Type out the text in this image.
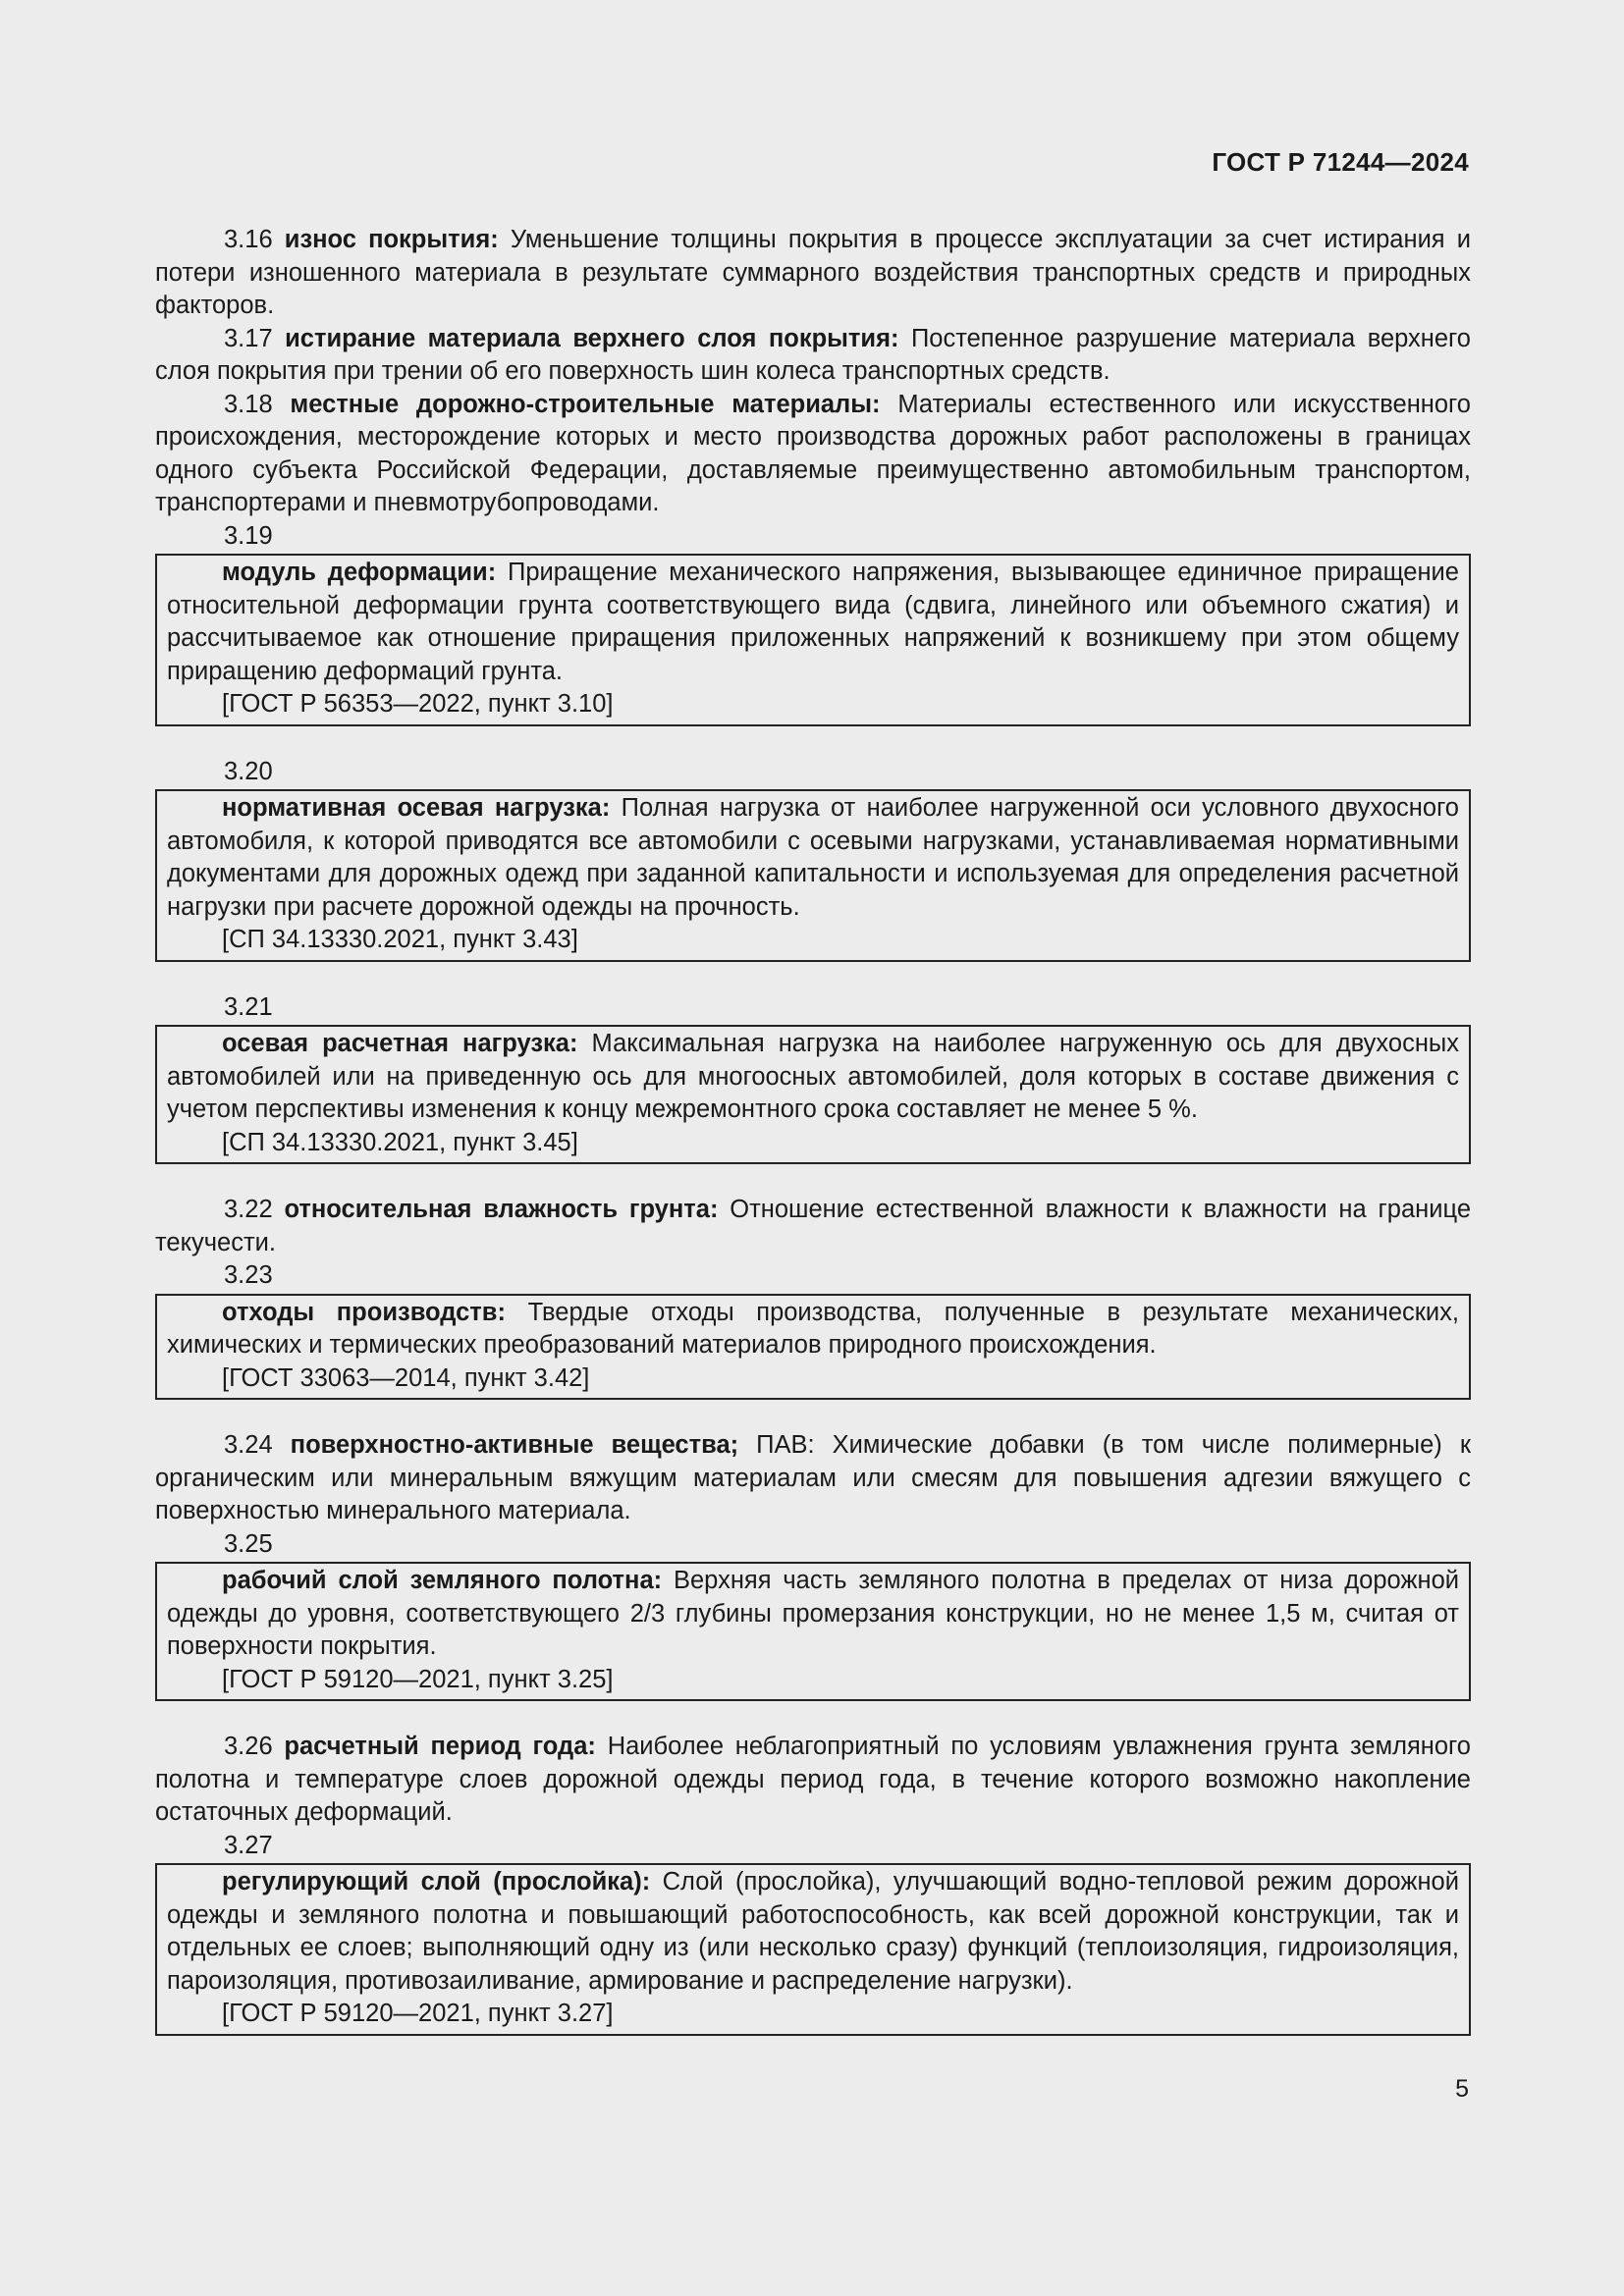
ГОСТ Р 71244—2024

3.16 износ покрытия: Уменьшение толщины покрытия в процессе эксплуатации за счет истирания и потери изношенного материала в результате суммарного воздействия транспортных средств и природных факторов.

3.17 истирание материала верхнего слоя покрытия: Постепенное разрушение материала верхнего слоя покрытия при трении об его поверхность шин колеса транспортных средств.

3.18 местные дорожно-строительные материалы: Материалы естественного или искусственного происхождения, месторождение которых и место производства дорожных работ расположены в границах одного субъекта Российской Федерации, доставляемые преимущественно автомобильным транспортом, транспортерами и пневмотрубопроводами.

3.19

модуль деформации: Приращение механического напряжения, вызывающее единичное приращение относительной деформации грунта соответствующего вида (сдвига, линейного или объемного сжатия) и рассчитываемое как отношение приращения приложенных напряжений к возникшему при этом общему приращению деформаций грунта.

[ГОСТ Р 56353—2022, пункт 3.10]
3.20

нормативная осевая нагрузка: Полная нагрузка от наиболее нагруженной оси условного двухосного автомобиля, к которой приводятся все автомобили с осевыми нагрузками, устанавливаемая нормативными документами для дорожных одежд при заданной капитальности и используемая для определения расчетной нагрузки при расчете дорожной одежды на прочность.

[СП 34.13330.2021, пункт 3.43]
3.21

осевая расчетная нагрузка: Максимальная нагрузка на наиболее нагруженную ось для двухосных автомобилей или на приведенную ось для многоосных автомобилей, доля которых в составе движения с учетом перспективы изменения к концу межремонтного срока составляет не менее 5 %.

[СП 34.13330.2021, пункт 3.45]

3.22 относительная влажность грунта: Отношение естественной влажности к влажности на границе текучести.

3.23

отходы производств: Твердые отходы производства, полученные в результате механических, химических и термических преобразований материалов природного происхождения.

[ГОСТ 33063—2014, пункт 3.42]

3.24 поверхностно-активные вещества; ПАВ: Химические добавки (в том числе полимерные) к органическим или минеральным вяжущим материалам или смесям для повышения адгезии вяжущего с поверхностью минерального материала.

3.25

рабочий слой земляного полотна: Верхняя часть земляного полотна в пределах от низа дорожной одежды до уровня, соответствующего 2/3 глубины промерзания конструкции, но не менее 1,5 м, считая от поверхности покрытия.

[ГОСТ Р 59120—2021, пункт 3.25]

3.26 расчетный период года: Наиболее неблагоприятный по условиям увлажнения грунта земляного полотна и температуре слоев дорожной одежды период года, в течение которого возможно накопление остаточных деформаций.

3.27

регулирующий слой (прослойка): Слой (прослойка), улучшающий водно-тепловой режим дорожной одежды и земляного полотна и повышающий работоспособность, как всей дорожной конструкции, так и отдельных ее слоев; выполняющий одну из (или несколько сразу) функций (теплоизоляция, гидроизоляция, пароизоляция, противозаиливание, армирование и распределение нагрузки).

[ГОСТ Р 59120—2021, пункт 3.27]
5
